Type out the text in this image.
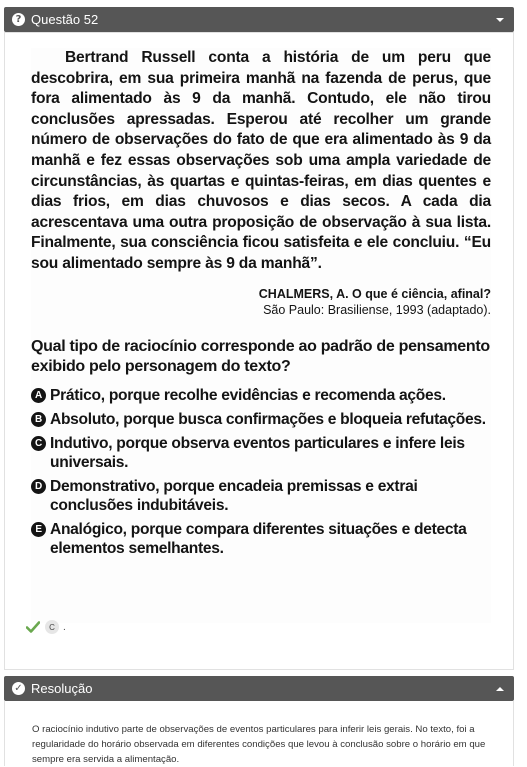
? Questão 52

Bertrand Russell conta a história de um peru que descobrira, em sua primeira manhã na fazenda de perus, que fora alimentado às 9 da manhã. Contudo, ele não tirou conclusões apressadas. Esperou até recolher um grande número de observações do fato de que era alimentado às 9 da manhã e fez essas observações sob uma ampla variedade de circunstâncias, às quartas e quintas-feiras, em dias quentes e dias frios, em dias chuvosos e dias secos. A cada dia acrescentava uma outra proposição de observação à sua lista. Finalmente, sua consciência ficou satisfeita e ele concluiu. “Eu sou alimentado sempre às 9 da manhã”.

CHALMERS, A. O que é ciência, afinal?
São Paulo: Brasiliense, 1993 (adaptado).
Qual tipo de raciocínio corresponde ao padrão de pensamento exibido pelo personagem do texto?
A Prático, porque recolhe evidências e recomenda ações.
B Absoluto, porque busca confirmações e bloqueia refutações.
C Indutivo, porque observa eventos particulares e infere leis universais.
D Demonstrativo, porque encadeia premissas e extrai conclusões indubitáveis.
E Analógico, porque compara diferentes situações e detecta elementos semelhantes.
C .
✓ Resolução
O raciocínio indutivo parte de observações de eventos particulares para inferir leis gerais. No texto, foi a regularidade do horário observada em diferentes condições que levou à conclusão sobre o horário em que sempre era servida a alimentação.
